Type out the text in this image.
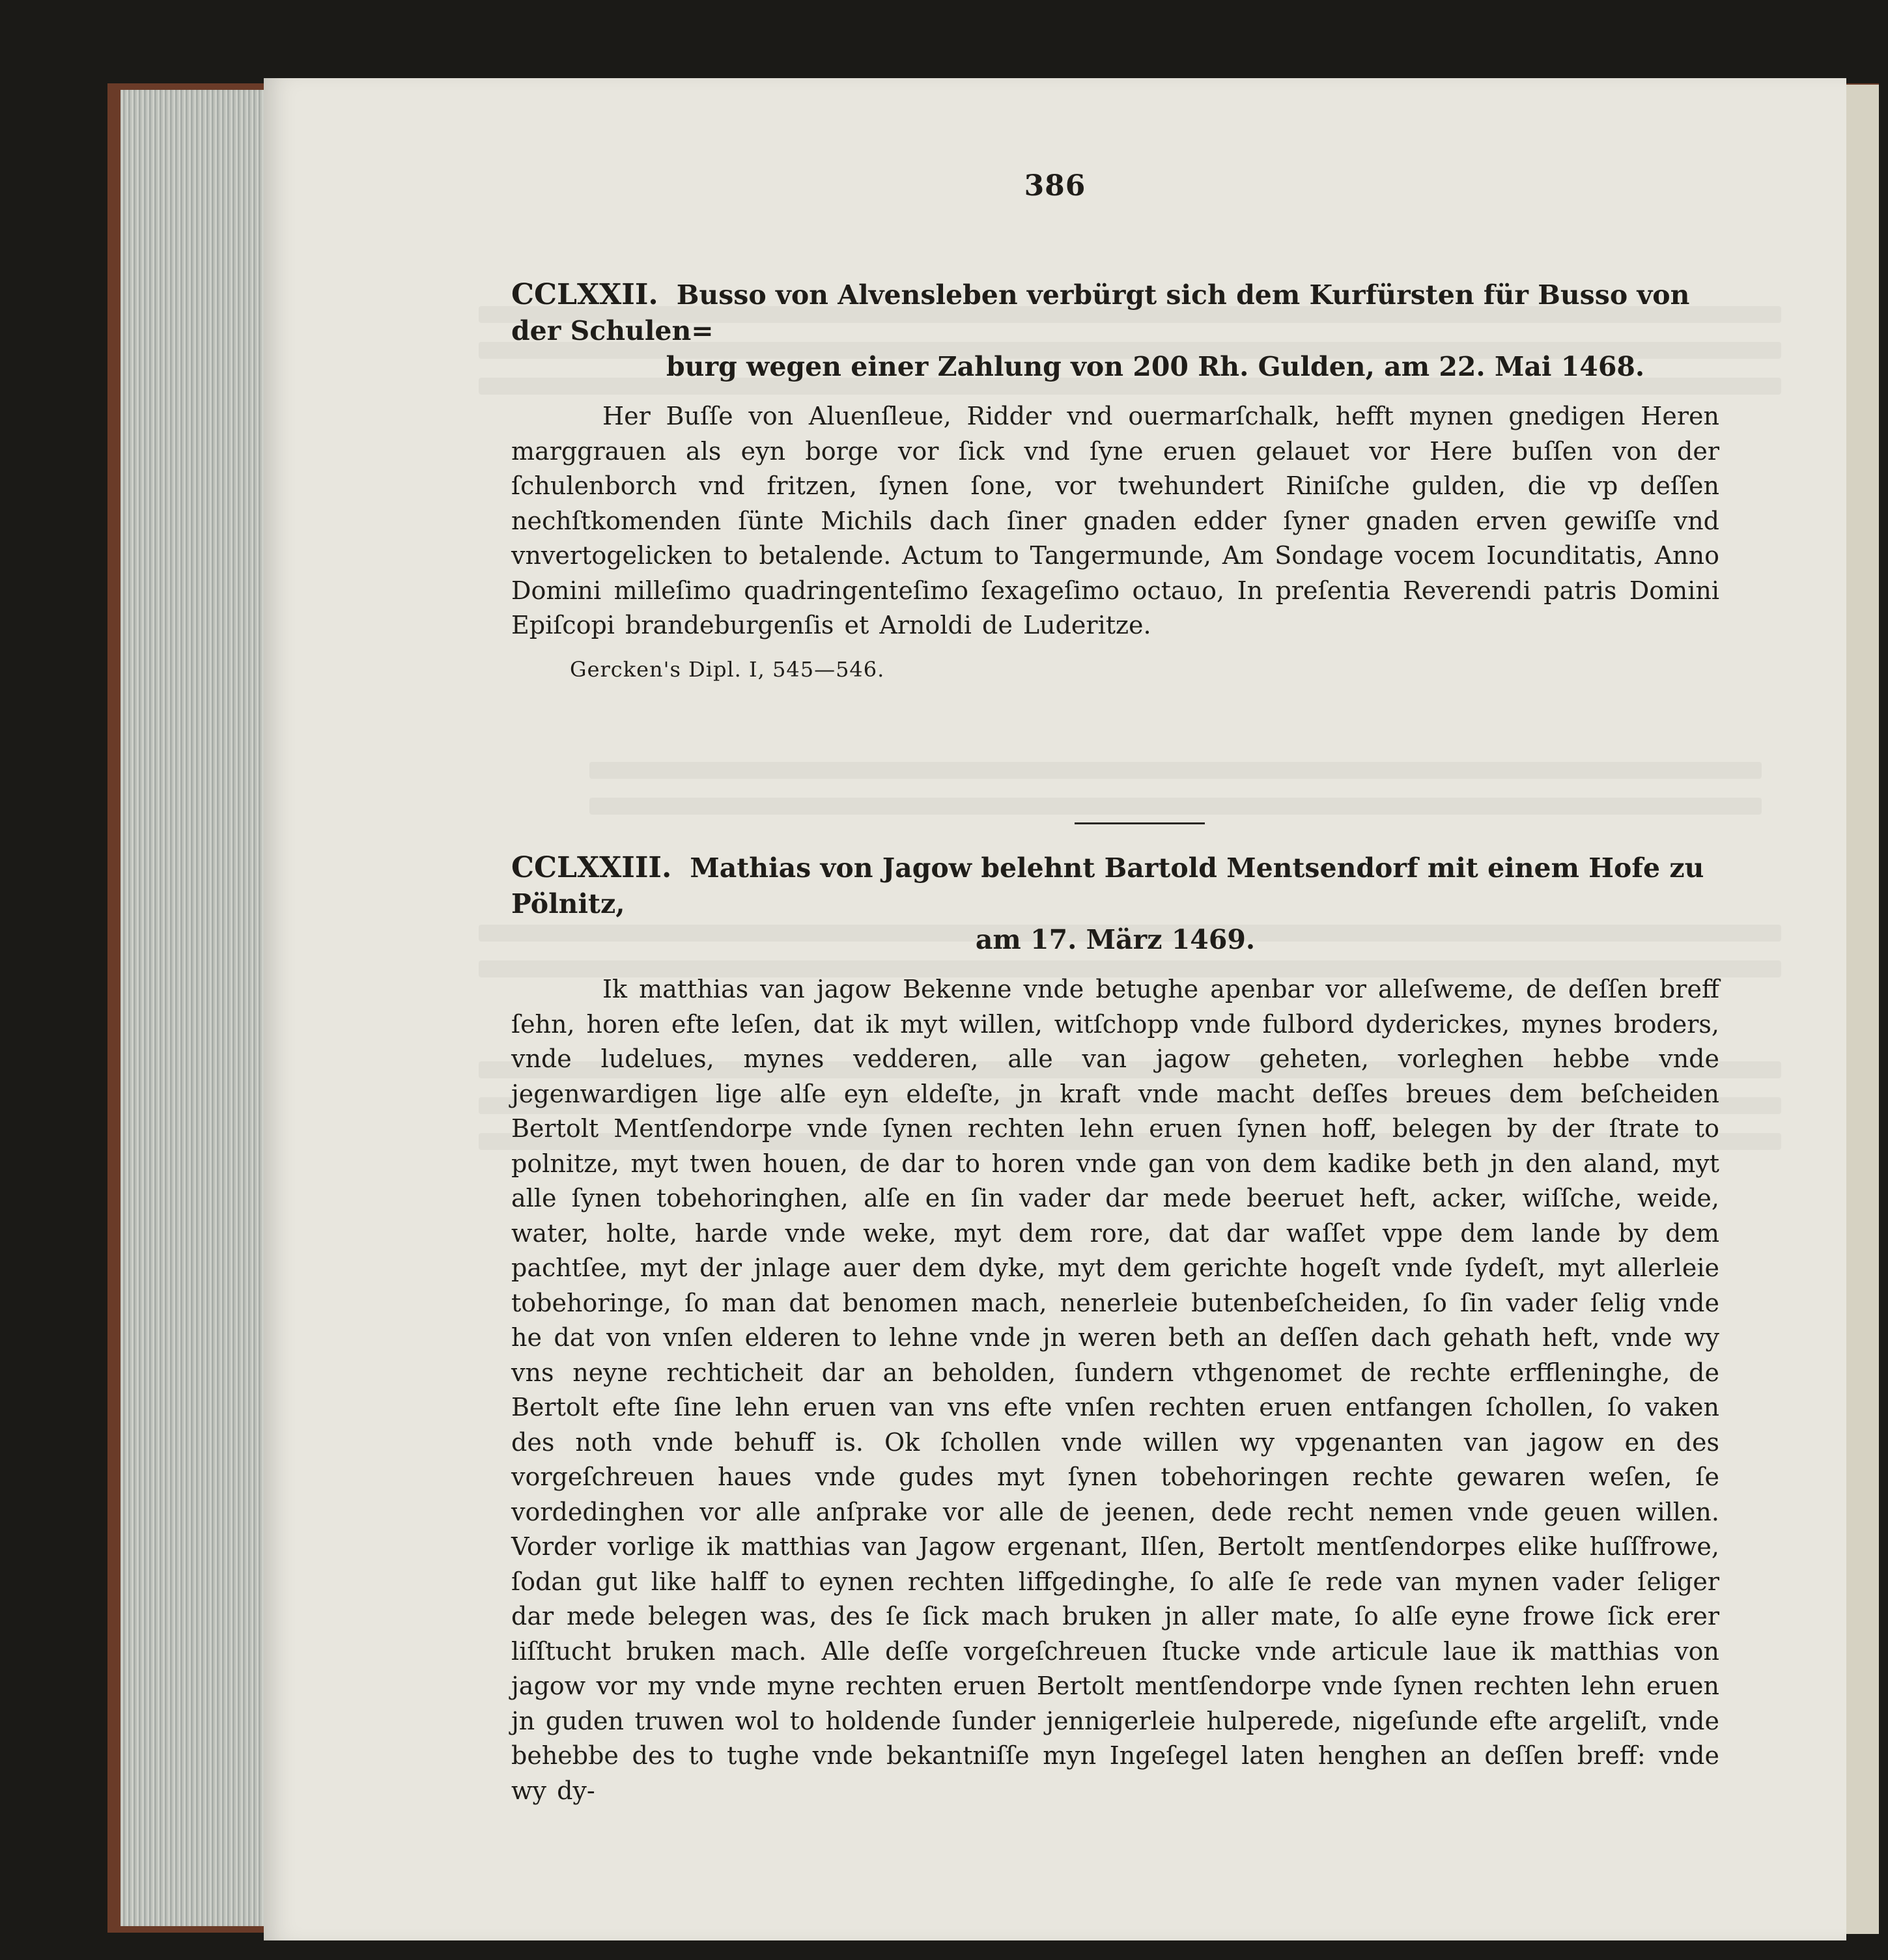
386
CCLXXII. Busso von Alvensleben verbürgt sich dem Kurfürsten für Busso von der Schulen=
burg wegen einer Zahlung von 200 Rh. Gulden, am 22. Mai 1468.

Her Buſſe von Aluenſleue, Ridder vnd ouermarſchalk, hefft mynen gnedigen Heren marggrauen als eyn borge vor ſick vnd ſyne eruen gelauet vor Here buſſen von der ſchulenborch vnd fritzen, ſynen ſone, vor twehundert Riniſche gulden, die vp deſſen nechſtkomenden ſünte Michils dach ſiner gnaden edder ſyner gnaden erven gewiſſe vnd vnvertogelicken to betalende. Actum to Tangermunde, Am Sondage vocem Iocunditatis, Anno Domini milleſimo quadringenteſimo ſexageſimo octauo, In preſentia Reverendi patris Domini Epiſcopi brandeburgenſis et Arnoldi de Luderitze.

Gercken's Dipl. I, 545—546.
CCLXXIII. Mathias von Jagow belehnt Bartold Mentsendorf mit einem Hofe zu Pölnitz,
am 17. März 1469.

Ik matthias van jagow Bekenne vnde betughe apenbar vor alleſweme, de deſſen breff ſehn, horen efte leſen, dat ik myt willen, witſchopp vnde fulbord dyderickes, mynes broders, vnde ludelues, mynes vedderen, alle van jagow geheten, vorleghen hebbe vnde jegenwardigen lige alſe eyn eldeſte, jn kraft vnde macht deſſes breues dem beſcheiden Bertolt Mentſendorpe vnde ſynen rechten lehn eruen ſynen hoff, belegen by der ſtrate to polnitze, myt twen houen, de dar to horen vnde gan von dem kadike beth jn den aland, myt alle ſynen tobehoringhen, alſe en ſin vader dar mede beeruet heft, acker, wiſſche, weide, water, holte, harde vnde weke, myt dem rore, dat dar waſſet vppe dem lande by dem pachtſee, myt der jnlage auer dem dyke, myt dem gerichte hogeſt vnde ſydeſt, myt allerleie tobehoringe, ſo man dat benomen mach, nenerleie butenbeſcheiden, ſo ſin vader ſelig vnde he dat von vnſen elderen to lehne vnde jn weren beth an deſſen dach gehath heft, vnde wy vns neyne rechticheit dar an beholden, ſundern vthgenomet de rechte erffleninghe, de Bertolt efte ſine lehn eruen van vns efte vnſen rechten eruen entfangen ſchollen, ſo vaken des noth vnde behuff is. Ok ſchollen vnde willen wy vpgenanten van jagow en des vorgeſchreuen haues vnde gudes myt ſynen tobehoringen rechte gewaren weſen, ſe vordedinghen vor alle anſprake vor alle de jeenen, dede recht nemen vnde geuen willen. Vorder vorlige ik matthias van Jagow ergenant, Ilſen, Bertolt mentſendorpes elike huſſfrowe, ſodan gut like halff to eynen rechten liffgedinghe, ſo alſe ſe rede van mynen vader ſeliger dar mede belegen was, des ſe ſick mach bruken jn aller mate, ſo alſe eyne frowe ſick erer liſſtucht bruken mach. Alle deſſe vorgeſchreuen ſtucke vnde articule laue ik matthias von jagow vor my vnde myne rechten eruen Bertolt mentſendorpe vnde ſynen rechten lehn eruen jn guden truwen wol to holdende ſunder jennigerleie hulperede, nigeſunde efte argeliſt, vnde behebbe des to tughe vnde bekantniſſe myn Ingeſegel laten henghen an deſſen breff: vnde wy dy-
